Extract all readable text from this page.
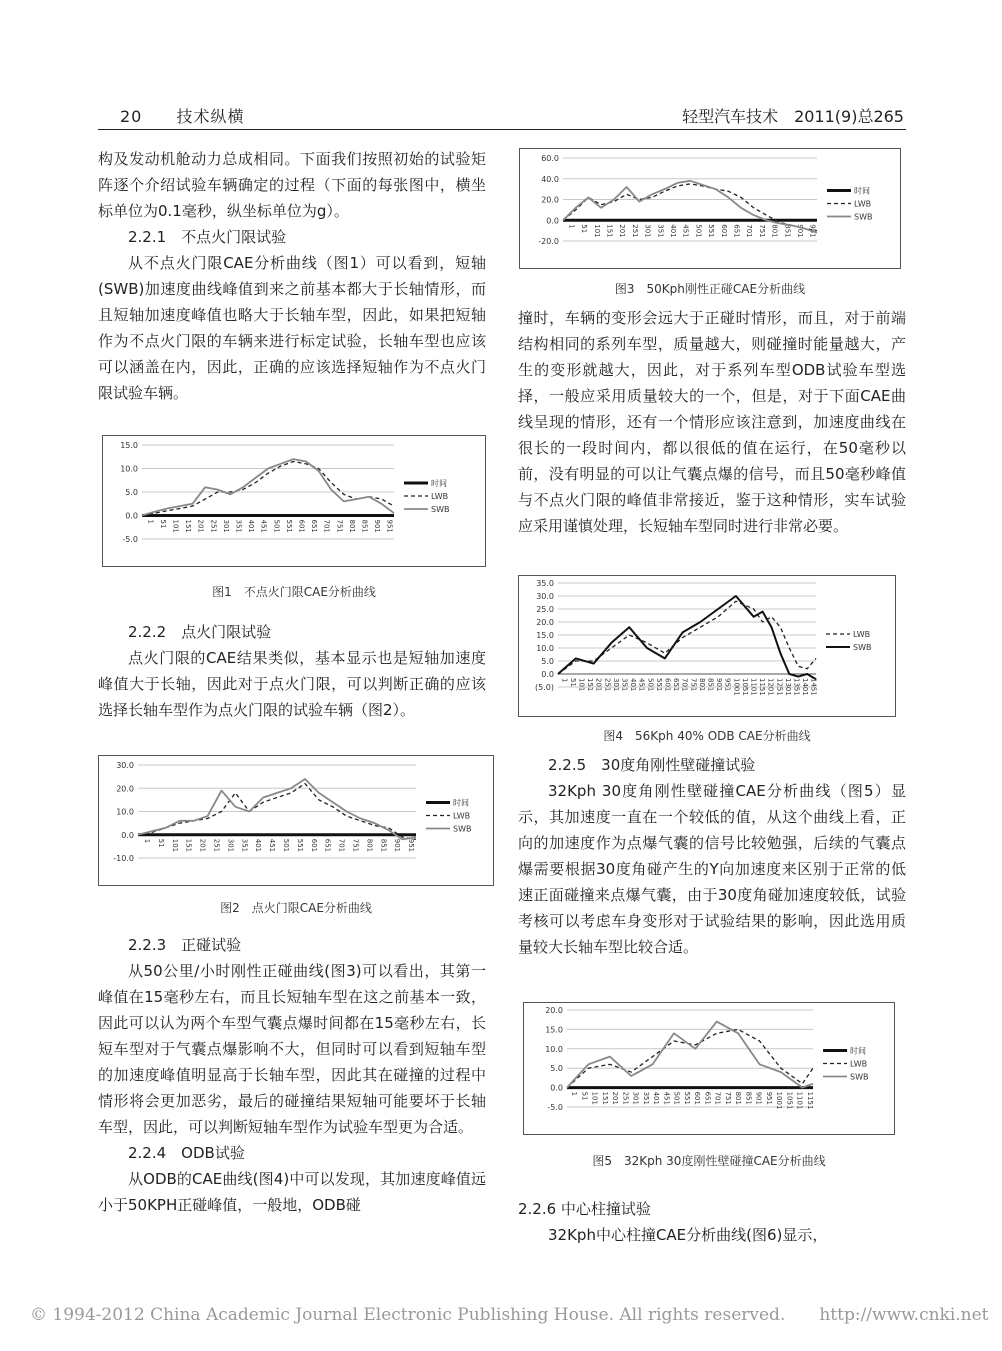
20 技术纵横	轻型汽车技术　2011(9)总265

构及发动机舱动力总成相同。下面我们按照初始的试验矩阵逐个介绍试验车辆确定的过程（下面的每张图中，横坐标单位为0.1毫秒，纵坐标单位为g）。

2.2.1　不点火门限试验

从不点火门限CAE分析曲线（图1）可以看到，短轴(SWB)加速度曲线峰值到来之前基本都大于长轴情形，而且短轴加速度峰值也略大于长轴车型，因此，如果把短轴作为不点火门限的车辆来进行标定试验，长轴车型也应该可以涵盖在内，因此，正确的应该选择短轴作为不点火门限试验车辆。

2.2.2　点火门限试验

点火门限的CAE结果类似，基本显示也是短轴加速度峰值大于长轴，因此对于点火门限，可以判断正确的应该选择长轴车型作为点火门限的试验车辆（图2）。

2.2.3　正碰试验

从50公里/小时刚性正碰曲线(图3)可以看出，其第一峰值在15毫秒左右，而且长短轴车型在这之前基本一致，因此可以认为两个车型气囊点爆时间都在15毫秒左右，长短车型对于气囊点爆影响不大，但同时可以看到短轴车型的加速度峰值明显高于长轴车型，因此其在碰撞的过程中情形将会更加恶劣，最后的碰撞结果短轴可能要坏于长轴车型，因此，可以判断短轴车型作为试验车型更为合适。

2.2.4　ODB试验

从ODB的CAE曲线(图4)中可以发现，其加速度峰值远小于50KPH正碰峰值，一般地，ODB碰

撞时，车辆的变形会远大于正碰时情形，而且，对于前端结构相同的系列车型，质量越大，则碰撞时能量越大，产生的变形就越大，因此，对于系列车型ODB试验车型选择，一般应采用质量较大的一个，但是，对于下面CAE曲线呈现的情形，还有一个情形应该注意到，加速度曲线在很长的一段时间内，都以很低的值在运行，在50毫秒以前，没有明显的可以让气囊点爆的信号，而且50毫秒峰值与不点火门限的峰值非常接近，鉴于这种情形，实车试验应采用谨慎处理，长短轴车型同时进行非常必要。

2.2.5　30度角刚性壁碰撞试验

32Kph 30度角刚性壁碰撞CAE分析曲线（图5）显示，其加速度一直在一个较低的值，从这个曲线上看，正向的加速度作为点爆气囊的信号比较勉强，后续的气囊点爆需要根据30度角碰产生的Y向加速度来区别于正常的低速正面碰撞来点爆气囊，由于30度角碰加速度较低，试验考核可以考虑车身变形对于试验结果的影响，因此选用质量较大长轴车型比较合适。

2.2.6 中心柱撞试验

32Kph中心柱撞CAE分析曲线(图6)显示，

-5.0
0.0
5.0
10.0
15.0
1 51 101 151 201 251 301 351 401 451 501 551 601 651 701 751 801 851 901 951
时间
LWB
SWB
图1　不点火门限CAE分析曲线
-10.0
0.0
10.0
20.0
30.0
1 51 101 151 201 251 301 351 401 451 501 551 601 651 701 751 801 851 901 951
时间
LWB
SWB
图2　点火门限CAE分析曲线
-20.0
0.0
20.0
40.0
60.0
1 51 101 151 201 251 301 351 401 451 501 551 601 651 701 751 801 851 901 951
时间
LWB
SWB
图3　50Kph刚性正碰CAE分析曲线
(5.0)
0.0
5.0
10.0
15.0
20.0
25.0
30.0
35.0
1 51 101 151 201 251 301 351 401 451 501 551 601 651 701 751 801 851 901 951 1001 1051 1101 1151 1201 1251 1301 1351 1401 1451
LWB
SWB
图4　56Kph 40% ODB CAE分析曲线
-5.0
0.0
5.0
10.0
15.0
20.0
1 51 101 151 201 251 301 351 401 451 501 551 601 651 701 751 801 851 901 951 1001 1051 1101 1151
时间
LWB
SWB
图5　32Kph 30度刚性壁碰撞CAE分析曲线
© 1994-2012 China Academic Journal Electronic Publishing House. All rights reserved.　　http://www.cnki.net
